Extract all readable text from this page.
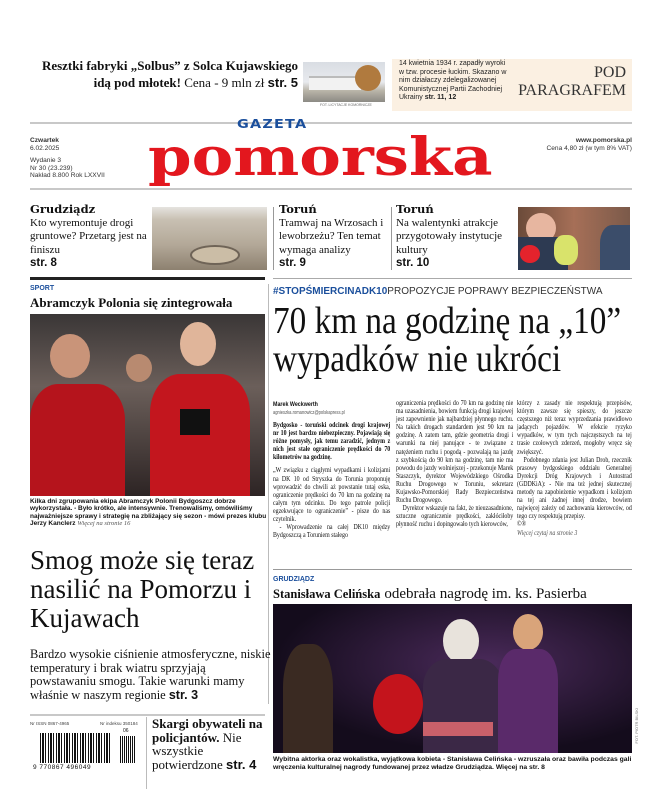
Resztki fabryki „Solbus” z Solca Kujawskiego idą pod młotek! Cena - 9 mln zł str. 5
FOT. LICYTACJE KOMORNICZE
14 kwietnia 1934 r. zapadły wyroki w tzw. procesie łuckim. Skazano w nim działaczy zdelegalizowanej Komunistycznej Partii Zachodniej Ukrainy str. 11, 12
POD
PARAGRAFEM
Czwartek
6.02.2025
Wydanie 3
Nr 30 (23.239)
Nakład 8.800 Rok LXXVII
GAZETA
pomorska	www.pomorska.pl
Cena 4,80 zł (w tym 8% VAT)
Grudziądz
Kto wyremontuje drogi gruntowe? Przetarg jest na finiszu
str. 8
Toruń
Tramwaj na Wrzosach i lewobrzeżu? Ten temat wymaga analizy
str. 9
Toruń
Na walentynki atrakcje przygotowały instytucje kultury
str. 10
SPORT
Abramczyk Polonia się zintegrowała
Kilka dni zgrupowania ekipa Abramczyk Polonii Bydgoszcz dobrze wykorzystała. - Było krótko, ale intensywnie. Trenowaliśmy, omówiliśmy najważniejsze sprawy i strategię na zbliżający się sezon - mówi prezes klubu Jerzy Kanclerz Więcej na stronie 16
Smog może się teraz nasilić na Pomorzu i Kujawach
Bardzo wysokie ciśnienie atmosferyczne, niskie temperatury i brak wiatru sprzyjają powstawaniu smogu. Takie warunki mamy właśnie w naszym regionie str. 3
Nr ISSN 0867-4965	Nr indeksu 350184
9 770867 496049
06 Skargi obywateli na policjantów. Nie wszystkie potwierdzone str. 4
#STOPŚMIERCINADK10PROPOZYCJE POPRAWY BEZPIECZEŃSTWA
70 km na godzinę na „10” wypadków nie ukróci
Marek Weckwerth
agnieszka.romanowicz@polskapress.pl
Bydgosko - toruński odcinek drogi krajowej nr 10 jest bardzo niebezpieczny. Pojawiają się różne pomysły, jak temu zaradzić, jednym z nich jest stałe ograniczenie prędkości do 70 kilometrów na godzinę.

„W związku z ciągłymi wypadkami i kolizjami na DK 10 od Stryszka do Torunia proponuję wprowadzić do chwili aż powstanie tutaj eska, ograniczenie prędkości do 70 km na godzinę na całym tym odcinku. Do tego patrole policji egzekwujące to ograniczenie” - pisze do nas czytelnik.

- Wprowadzenie na całej DK10 między Bydgoszczą a Toruniem stałego

ograniczenia prędkości do 70 km na godzinę nie ma uzasadnienia, bowiem funkcją drogi krajowej jest zapewnienie jak najbardziej płynnego ruchu. Na takich drogach standardem jest 90 km na godzinę. A zatem tam, gdzie geometria drogi i warunki na niej panujące - te związane z natężeniem ruchu i pogodą - pozwalają na jazdę z szybkością do 90 km na godzinę, tam nie ma powodu do jazdy wolniejszej - przekonuje Marek Staszczyk, dyrektor Wojewódzkiego Ośrodka Ruchu Drogowego w Toruniu, sekretarz Kujawsko-Pomorskiej Rady Bezpieczeństwa Ruchu Drogowego.

Dyrektor wskazuje na fakt, że nieuzasadnione, sztuczne ograniczenie prędkości, zakłóciłoby płynność ruchu i dopingowało tych kierowców,

którzy z zasady nie respektują przepisów, którym zawsze się spieszy, do jeszcze częstszego niż teraz wyprzedzania prawidłowo jadących pojazdów. W efekcie ryzyko wypadków, w tym tych najczęstszych na tej trasie czołowych zderzeń, mogłoby wręcz się zwiększyć.

Podobnego zdania jest Julian Drob, rzecznik prasowy bydgoskiego oddziału Generalnej Dyrekcji Dróg Krajowych i Autostrad (GDDKiA): - Nie ma też jednej skutecznej metody na zapobieżenie wypadkom i kolizjom na tej ani żadnej innej drodze, bowiem najwięcej zależy od zachowania kierowców, od tego czy respektują przepisy.

©®
Więcej czytaj na stronie 3
GRUDZIĄDZ
Stanisława Celińska odebrała nagrodę im. ks. Pasierba
FOT. PIOTR BILSKI
Wybitna aktorka oraz wokalistka, wyjątkowa kobieta - Stanisława Celińska - wzruszała oraz bawiła podczas gali wręczenia kulturalnej nagrody fundowanej przez władze Grudziądza. Więcej na str. 8
